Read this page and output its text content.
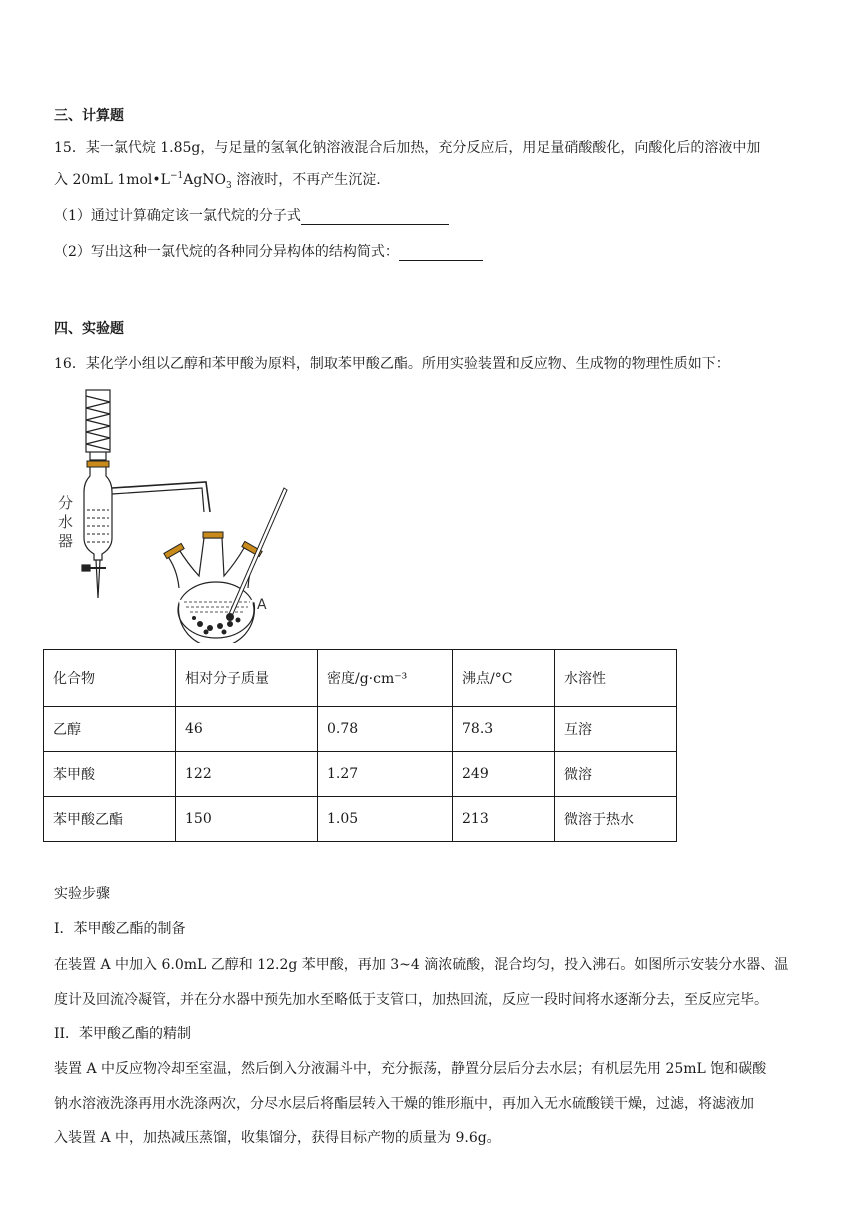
三、计算题
15．某一氯代烷 1.85g，与足量的氢氧化钠溶液混合后加热，充分反应后，用足量硝酸酸化，向酸化后的溶液中加
入 20mL $1mol•L^{-1}AgNO_3$ 溶液时，不再产生沉淀.
（1）通过计算确定该一氯代烷的分子式
（2）写出这种一氯代烷的各种同分异构体的结构简式：
四、实验题
16．某化学小组以乙醇和苯甲酸为原料，制取苯甲酸乙酯。所用实验装置和反应物、生成物的物理性质如下：
分
水
器
A
化合物	相对分子质量	密度/g·cm⁻³	沸点/°C	水溶性
乙醇	46	0.78	78.3	互溶
苯甲酸	122	1.27	249	微溶
苯甲酸乙酯	150	1.05	213	微溶于热水
实验步骤
I．苯甲酸乙酯的制备
在装置 A 中加入 6.0mL 乙醇和 12.2g 苯甲酸，再加 3~4 滴浓硫酸，混合均匀，投入沸石。如图所示安装分水器、温
度计及回流冷凝管，并在分水器中预先加水至略低于支管口，加热回流，反应一段时间将水逐渐分去，至反应完毕。
II．苯甲酸乙酯的精制
装置 A 中反应物冷却至室温，然后倒入分液漏斗中，充分振荡，静置分层后分去水层；有机层先用 25mL 饱和碳酸
钠水溶液洗涤再用水洗涤两次，分尽水层后将酯层转入干燥的锥形瓶中，再加入无水硫酸镁干燥，过滤，将滤液加
入装置 A 中，加热减压蒸馏，收集馏分，获得目标产物的质量为 9.6g。
